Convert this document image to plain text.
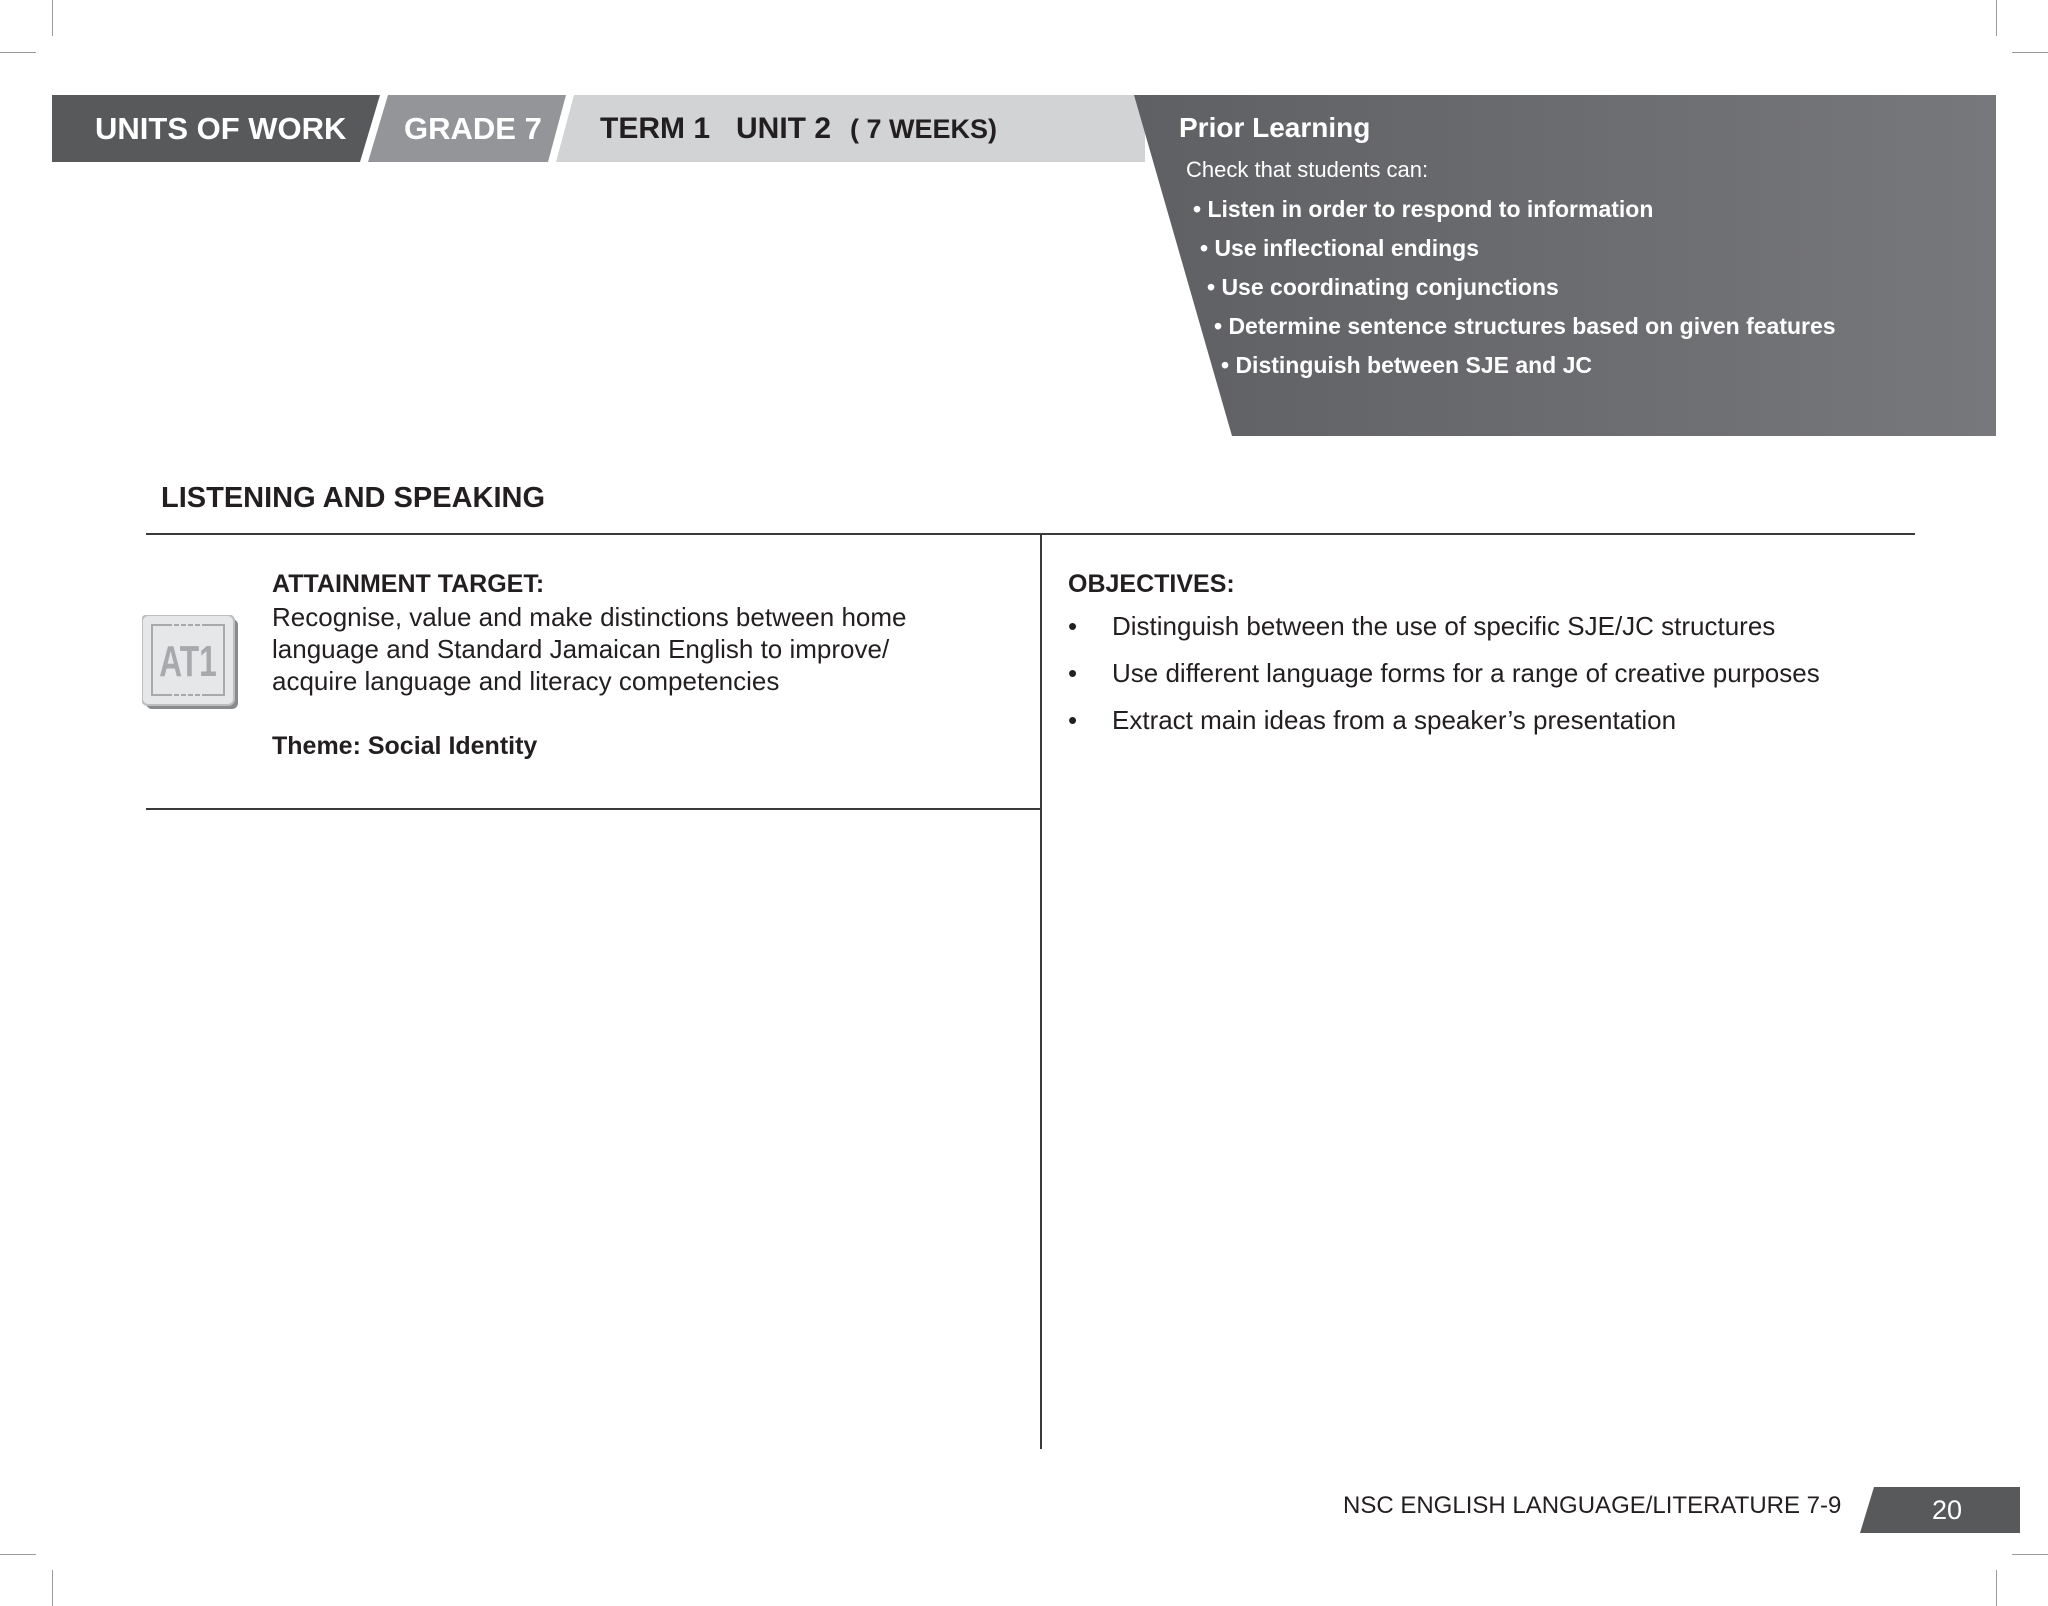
UNITS OF WORK GRADE 7 TERM 1 UNIT 2 ( 7 WEEKS)	Prior Learning
Check that students can:
• Listen in order to respond to information
• Use inflectional endings
• Use coordinating conjunctions
• Determine sentence structures based on given features
• Distinguish between SJE and JC
LISTENING AND SPEAKING
AT1
ATTAINMENT TARGET:
Recognise, value and make distinctions between home
language and Standard Jamaican English to improve/
acquire language and literacy competencies
Theme: Social Identity
OBJECTIVES:
•	Distinguish between the use of specific SJE/JC structures
•	Use different language forms for a range of creative purposes
•	Extract main ideas from a speaker’s presentation
NSC ENGLISH LANGUAGE/LITERATURE 7-9	20
